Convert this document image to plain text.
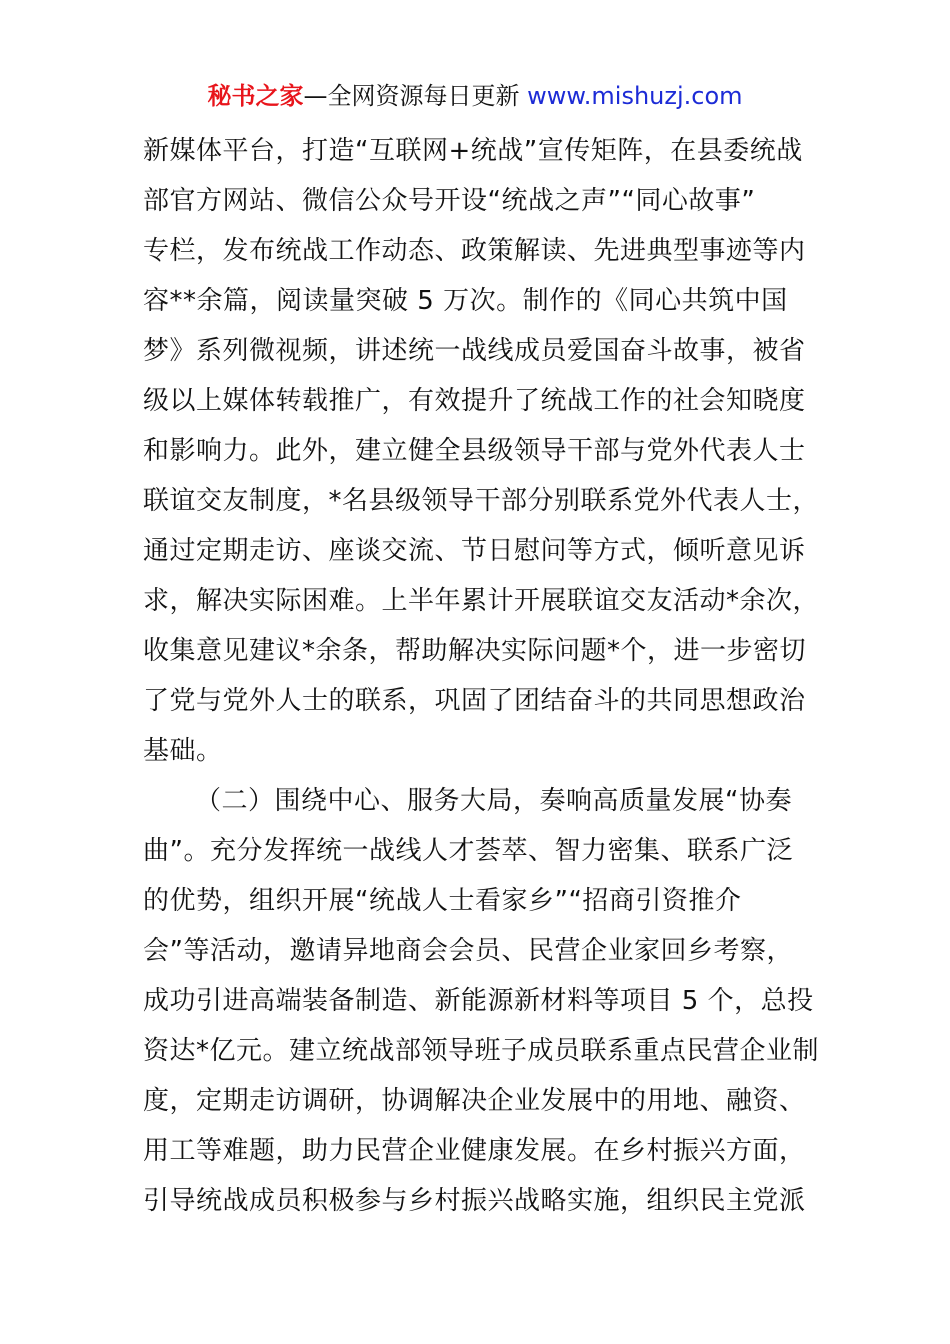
秘书之家—全网资源每日更新 www.mishuzj.com
新媒体平台，打造“互联网+统战”宣传矩阵，在县委统战
部官方网站、微信公众号开设“统战之声”“同心故事”
专栏，发布统战工作动态、政策解读、先进典型事迹等内
容**余篇，阅读量突破 5 万次。制作的《同心共筑中国
梦》系列微视频，讲述统一战线成员爱国奋斗故事，被省
级以上媒体转载推广，有效提升了统战工作的社会知晓度
和影响力。此外，建立健全县级领导干部与党外代表人士
联谊交友制度，*名县级领导干部分别联系党外代表人士，
通过定期走访、座谈交流、节日慰问等方式，倾听意见诉
求，解决实际困难。上半年累计开展联谊交友活动*余次，
收集意见建议*余条，帮助解决实际问题*个，进一步密切
了党与党外人士的联系，巩固了团结奋斗的共同思想政治
基础。
（二）围绕中心、服务大局，奏响高质量发展“协奏
曲”。充分发挥统一战线人才荟萃、智力密集、联系广泛
的优势，组织开展“统战人士看家乡”“招商引资推介
会”等活动，邀请异地商会会员、民营企业家回乡考察，
成功引进高端装备制造、新能源新材料等项目 5 个，总投
资达*亿元。建立统战部领导班子成员联系重点民营企业制
度，定期走访调研，协调解决企业发展中的用地、融资、
用工等难题，助力民营企业健康发展。在乡村振兴方面，
引导统战成员积极参与乡村振兴战略实施，组织民主党派
